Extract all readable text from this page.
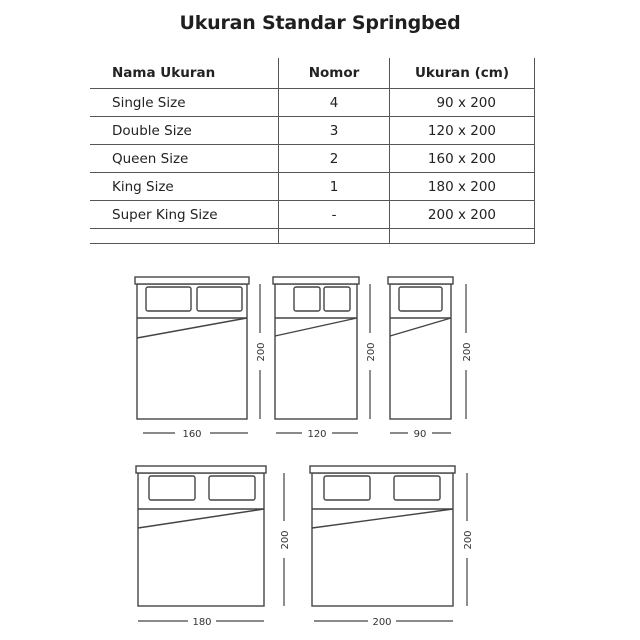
Ukuran Standar Springbed
Nama Ukuran	Nomor	Ukuran (cm)
Single Size	4	90 x 200
Double Size	3	120 x 200
Queen Size	2	160 x 200
King Size	1	180 x 200
Super King Size	-	200 x 200

160
200
120
200
90
200
180
200
200
200
